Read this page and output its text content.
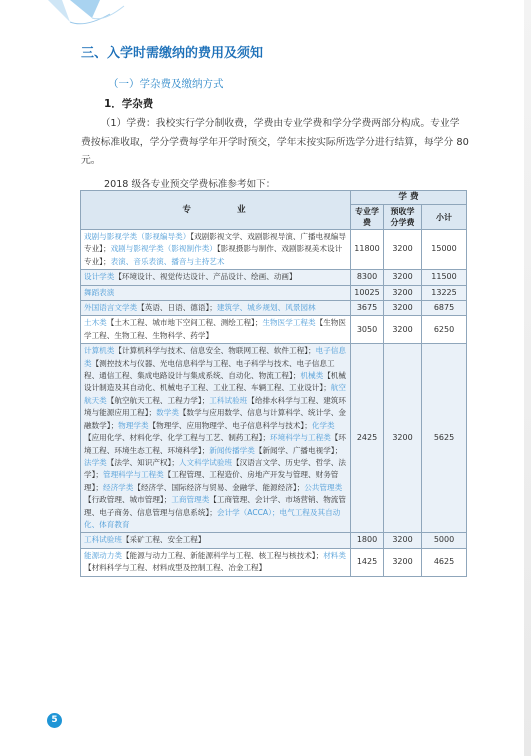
三、入学时需缴纳的费用及须知
（一）学杂费及缴纳方式
1．学杂费
（1）学费：我校实行学分制收费，学费由专业学费和学分学费两部分构成。专业学费按标准收取，学分学费每学年开学时预交，学年末按实际所选学分进行结算，每学分 80 元。
2018 级各专业预交学费标准参考如下：
专 业	学 费		
	专业学费	预收学分学费	小计
戏剧与影视学类（影视编导类）【戏剧影视文学、戏剧影视导演、广播电视编导专业】；戏剧与影视学类（影视制作类）【影视摄影与制作、戏剧影视美术设计专业】；表演、音乐表演、播音与主持艺术	11800	3200	15000
设计学类【环境设计、视觉传达设计、产品设计、绘画、动画】	8300	3200	11500
舞蹈表演	10025	3200	13225
外国语言文学类【英语、日语、德语】；建筑学、城乡规划、风景园林	3675	3200	6875
土木类【土木工程、城市地下空间工程、测绘工程】；生物医学工程类【生物医学工程、生物工程、生物科学、药学】	3050	3200	6250
计算机类【计算机科学与技术、信息安全、物联网工程、软件工程】；电子信息类【测控技术与仪器、光电信息科学与工程、电子科学与技术、电子信息工程、通信工程、集成电路设计与集成系统、自动化、物流工程】；机械类【机械设计制造及其自动化、机械电子工程、工业工程、车辆工程、工业设计】；航空航天类【航空航天工程、工程力学】；工科试验班【给排水科学与工程、建筑环境与能源应用工程】；数学类【数学与应用数学、信息与计算科学、统计学、金融数学】；物理学类【物理学、应用物理学、电子信息科学与技术】；化学类【应用化学、材料化学、化学工程与工艺、制药工程】；环境科学与工程类【环境工程、环境生态工程、环境科学】；新闻传播学类【新闻学、广播电视学】；法学类【法学、知识产权】；人文科学试验班【汉语言文学、历史学、哲学、法学】；管理科学与工程类【工程管理、工程造价、房地产开发与管理、财务管理】；经济学类【经济学、国际经济与贸易、金融学、能源经济】；公共管理类【行政管理、城市管理】；工商管理类【工商管理、会计学、市场营销、物流管理、电子商务、信息管理与信息系统】；会计学（ACCA）；电气工程及其自动化、体育教育	2425	3200	5625
工科试验班【采矿工程、安全工程】	1800	3200	5000
能源动力类【能源与动力工程、新能源科学与工程、核工程与核技术】；材料类【材料科学与工程、材料成型及控制工程、冶金工程】	1425	3200	4625
5
